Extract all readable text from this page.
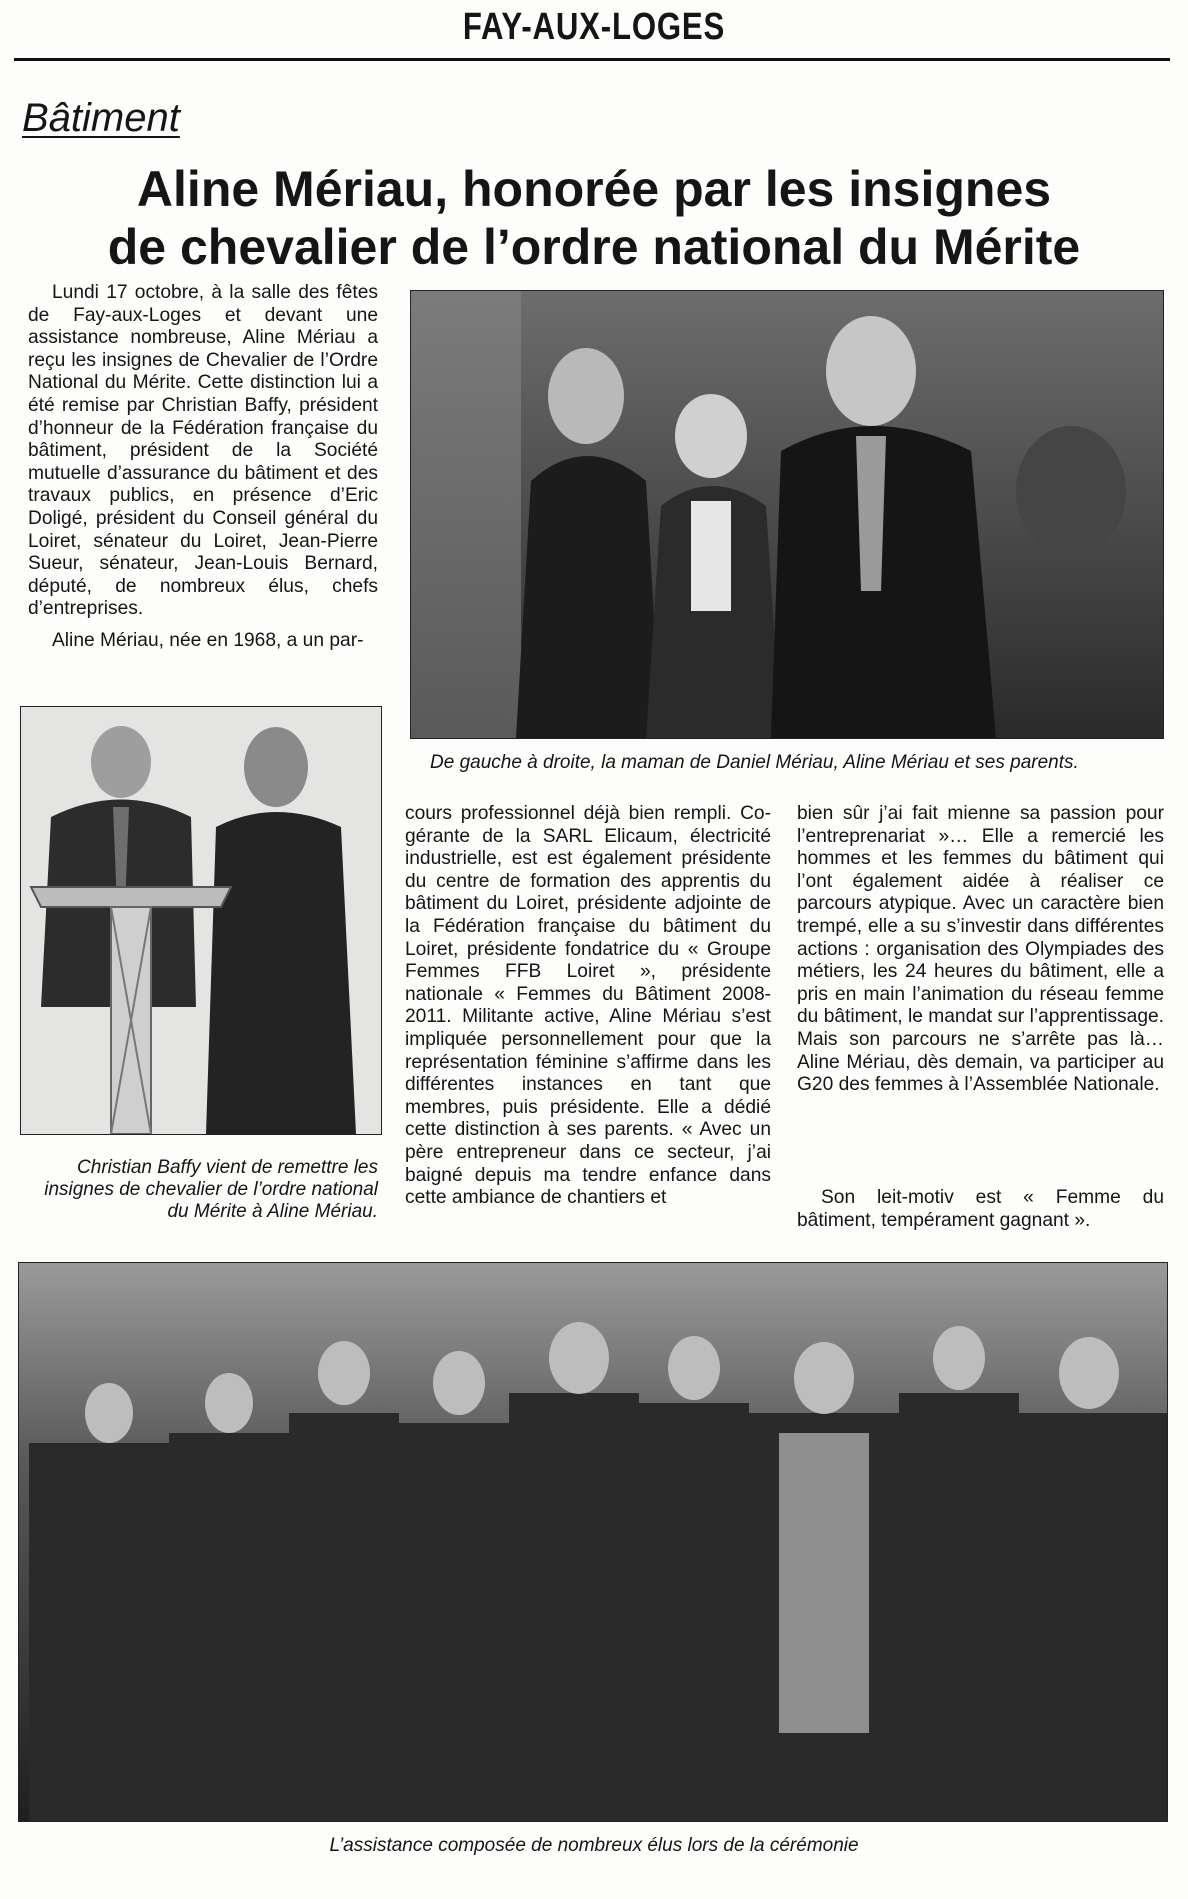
FAY-AUX-LOGES
Bâtiment
Aline Mériau, honorée par les insignes
de chevalier de l’ordre national du Mérite

Lundi 17 octobre, à la salle des fêtes de Fay-aux-Loges et devant une assistance nombreuse, Aline Mériau a reçu les insignes de Chevalier de l’Ordre National du Mérite. Cette distinction lui a été remise par Christian Baffy, président d’honneur de la Fédération française du bâtiment, président de la Société mutuelle d’assurance du bâtiment et des travaux publics, en présence d’Eric Doligé, président du Conseil général du Loiret, sénateur du Loiret, Jean-Pierre Sueur, sénateur, Jean-Louis Bernard, député, de nombreux élus, chefs d’entreprises.

Aline Mériau, née en 1968, a un par-

De gauche à droite, la maman de Daniel Mériau, Aline Mériau et ses parents.
Christian Baffy vient de remettre les insignes de chevalier de l’ordre national du Mérite à Aline Mériau.

cours professionnel déjà bien rempli. Co-gérante de la SARL Elicaum, électricité industrielle, est est également présidente du centre de formation des apprentis du bâtiment du Loiret, présidente adjointe de la Fédération française du bâtiment du Loiret, présidente fondatrice du « Groupe Femmes FFB Loiret », présidente nationale « Femmes du Bâtiment 2008-2011. Militante active, Aline Mériau s’est impliquée personnellement pour que la représentation féminine s’affirme dans les différentes instances en tant que membres, puis présidente. Elle a dédié cette distinction à ses parents. « Avec un père entrepreneur dans ce secteur, j’ai baigné depuis ma tendre enfance dans cette ambiance de chantiers et

bien sûr j’ai fait mienne sa passion pour l’entreprenariat »… Elle a remercié les hommes et les femmes du bâtiment qui l’ont également aidée à réaliser ce parcours atypique. Avec un caractère bien trempé, elle a su s’investir dans différentes actions : organisation des Olympiades des métiers, les 24 heures du bâtiment, elle a pris en main l’animation du réseau femme du bâtiment, le mandat sur l’apprentissage. Mais son parcours ne s’arrête pas là… Aline Mériau, dès demain, va participer au G20 des femmes à l’Assemblée Nationale.

Son leit-motiv est « Femme du bâtiment, tempérament gagnant ».

L’assistance composée de nombreux élus lors de la cérémonie
